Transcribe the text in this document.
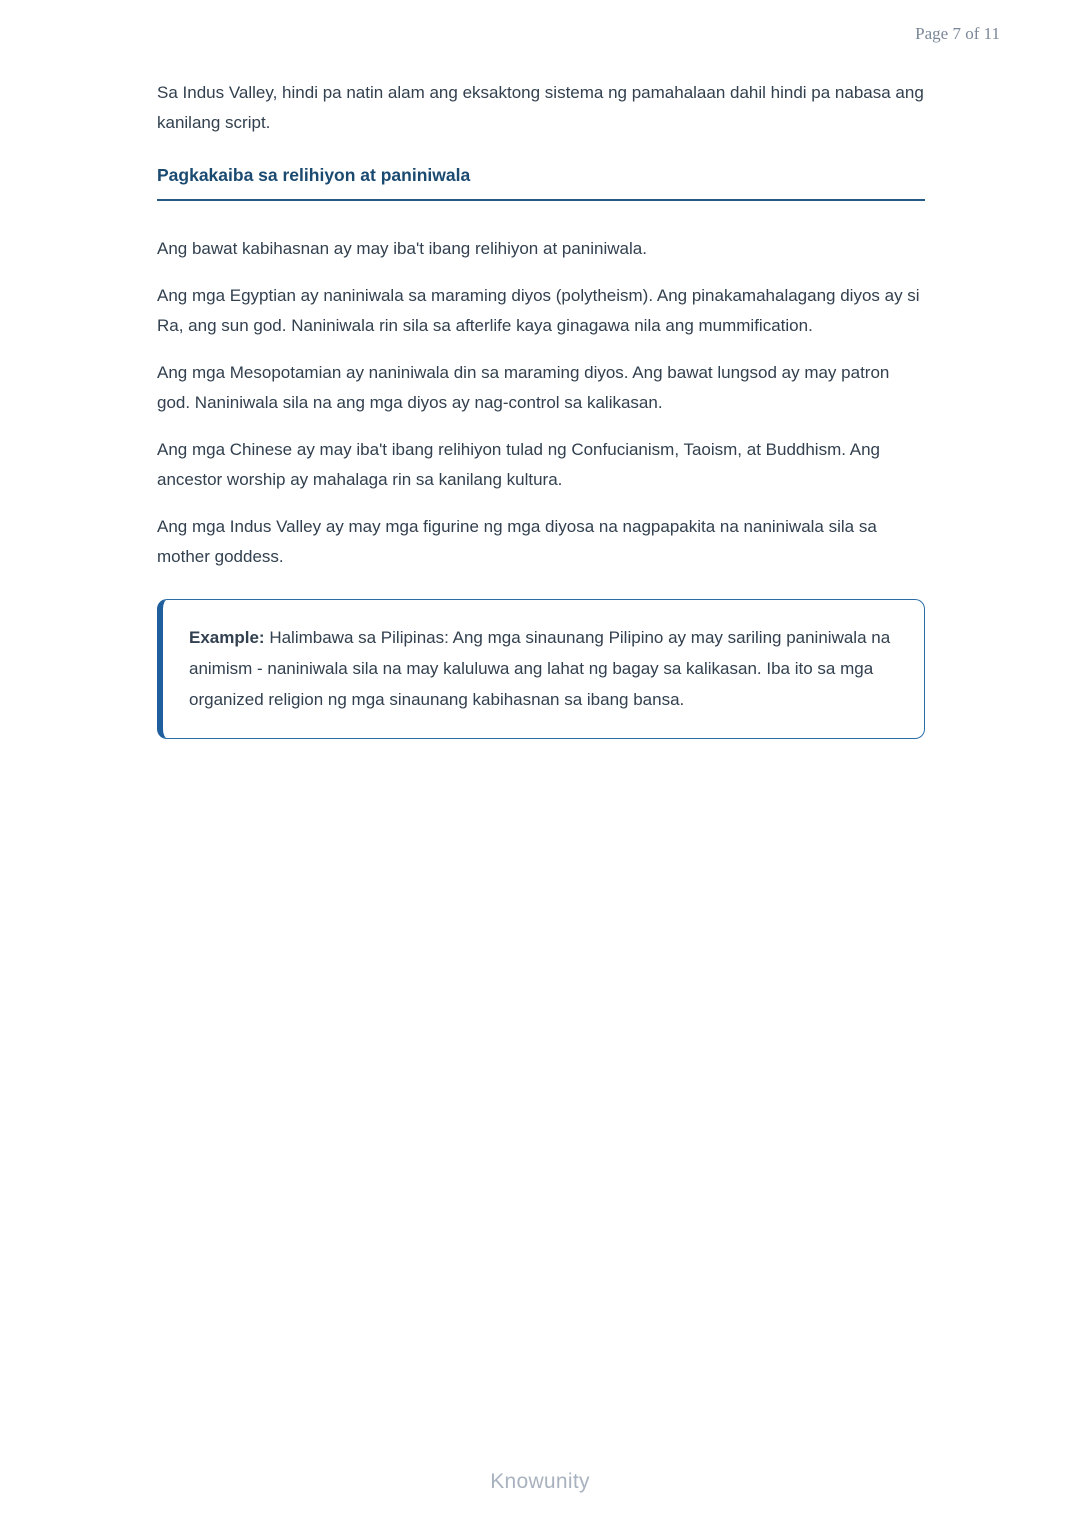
Page 7 of 11

Sa Indus Valley, hindi pa natin alam ang eksaktong sistema ng pamahalaan dahil hindi pa nabasa ang kanilang script.

Pagkakaiba sa relihiyon at paniniwala

Ang bawat kabihasnan ay may iba't ibang relihiyon at paniniwala.

Ang mga Egyptian ay naniniwala sa maraming diyos (polytheism). Ang pinakamahalagang diyos ay si Ra, ang sun god. Naniniwala rin sila sa afterlife kaya ginagawa nila ang mummification.

Ang mga Mesopotamian ay naniniwala din sa maraming diyos. Ang bawat lungsod ay may patron god. Naniniwala sila na ang mga diyos ay nag-control sa kalikasan.

Ang mga Chinese ay may iba't ibang relihiyon tulad ng Confucianism, Taoism, at Buddhism. Ang ancestor worship ay mahalaga rin sa kanilang kultura.

Ang mga Indus Valley ay may mga figurine ng mga diyosa na nagpapakita na naniniwala sila sa mother goddess.

Example: Halimbawa sa Pilipinas: Ang mga sinaunang Pilipino ay may sariling paniniwala na animism - naniniwala sila na may kaluluwa ang lahat ng bagay sa kalikasan. Iba ito sa mga organized religion ng mga sinaunang kabihasnan sa ibang bansa.

Knowunity
